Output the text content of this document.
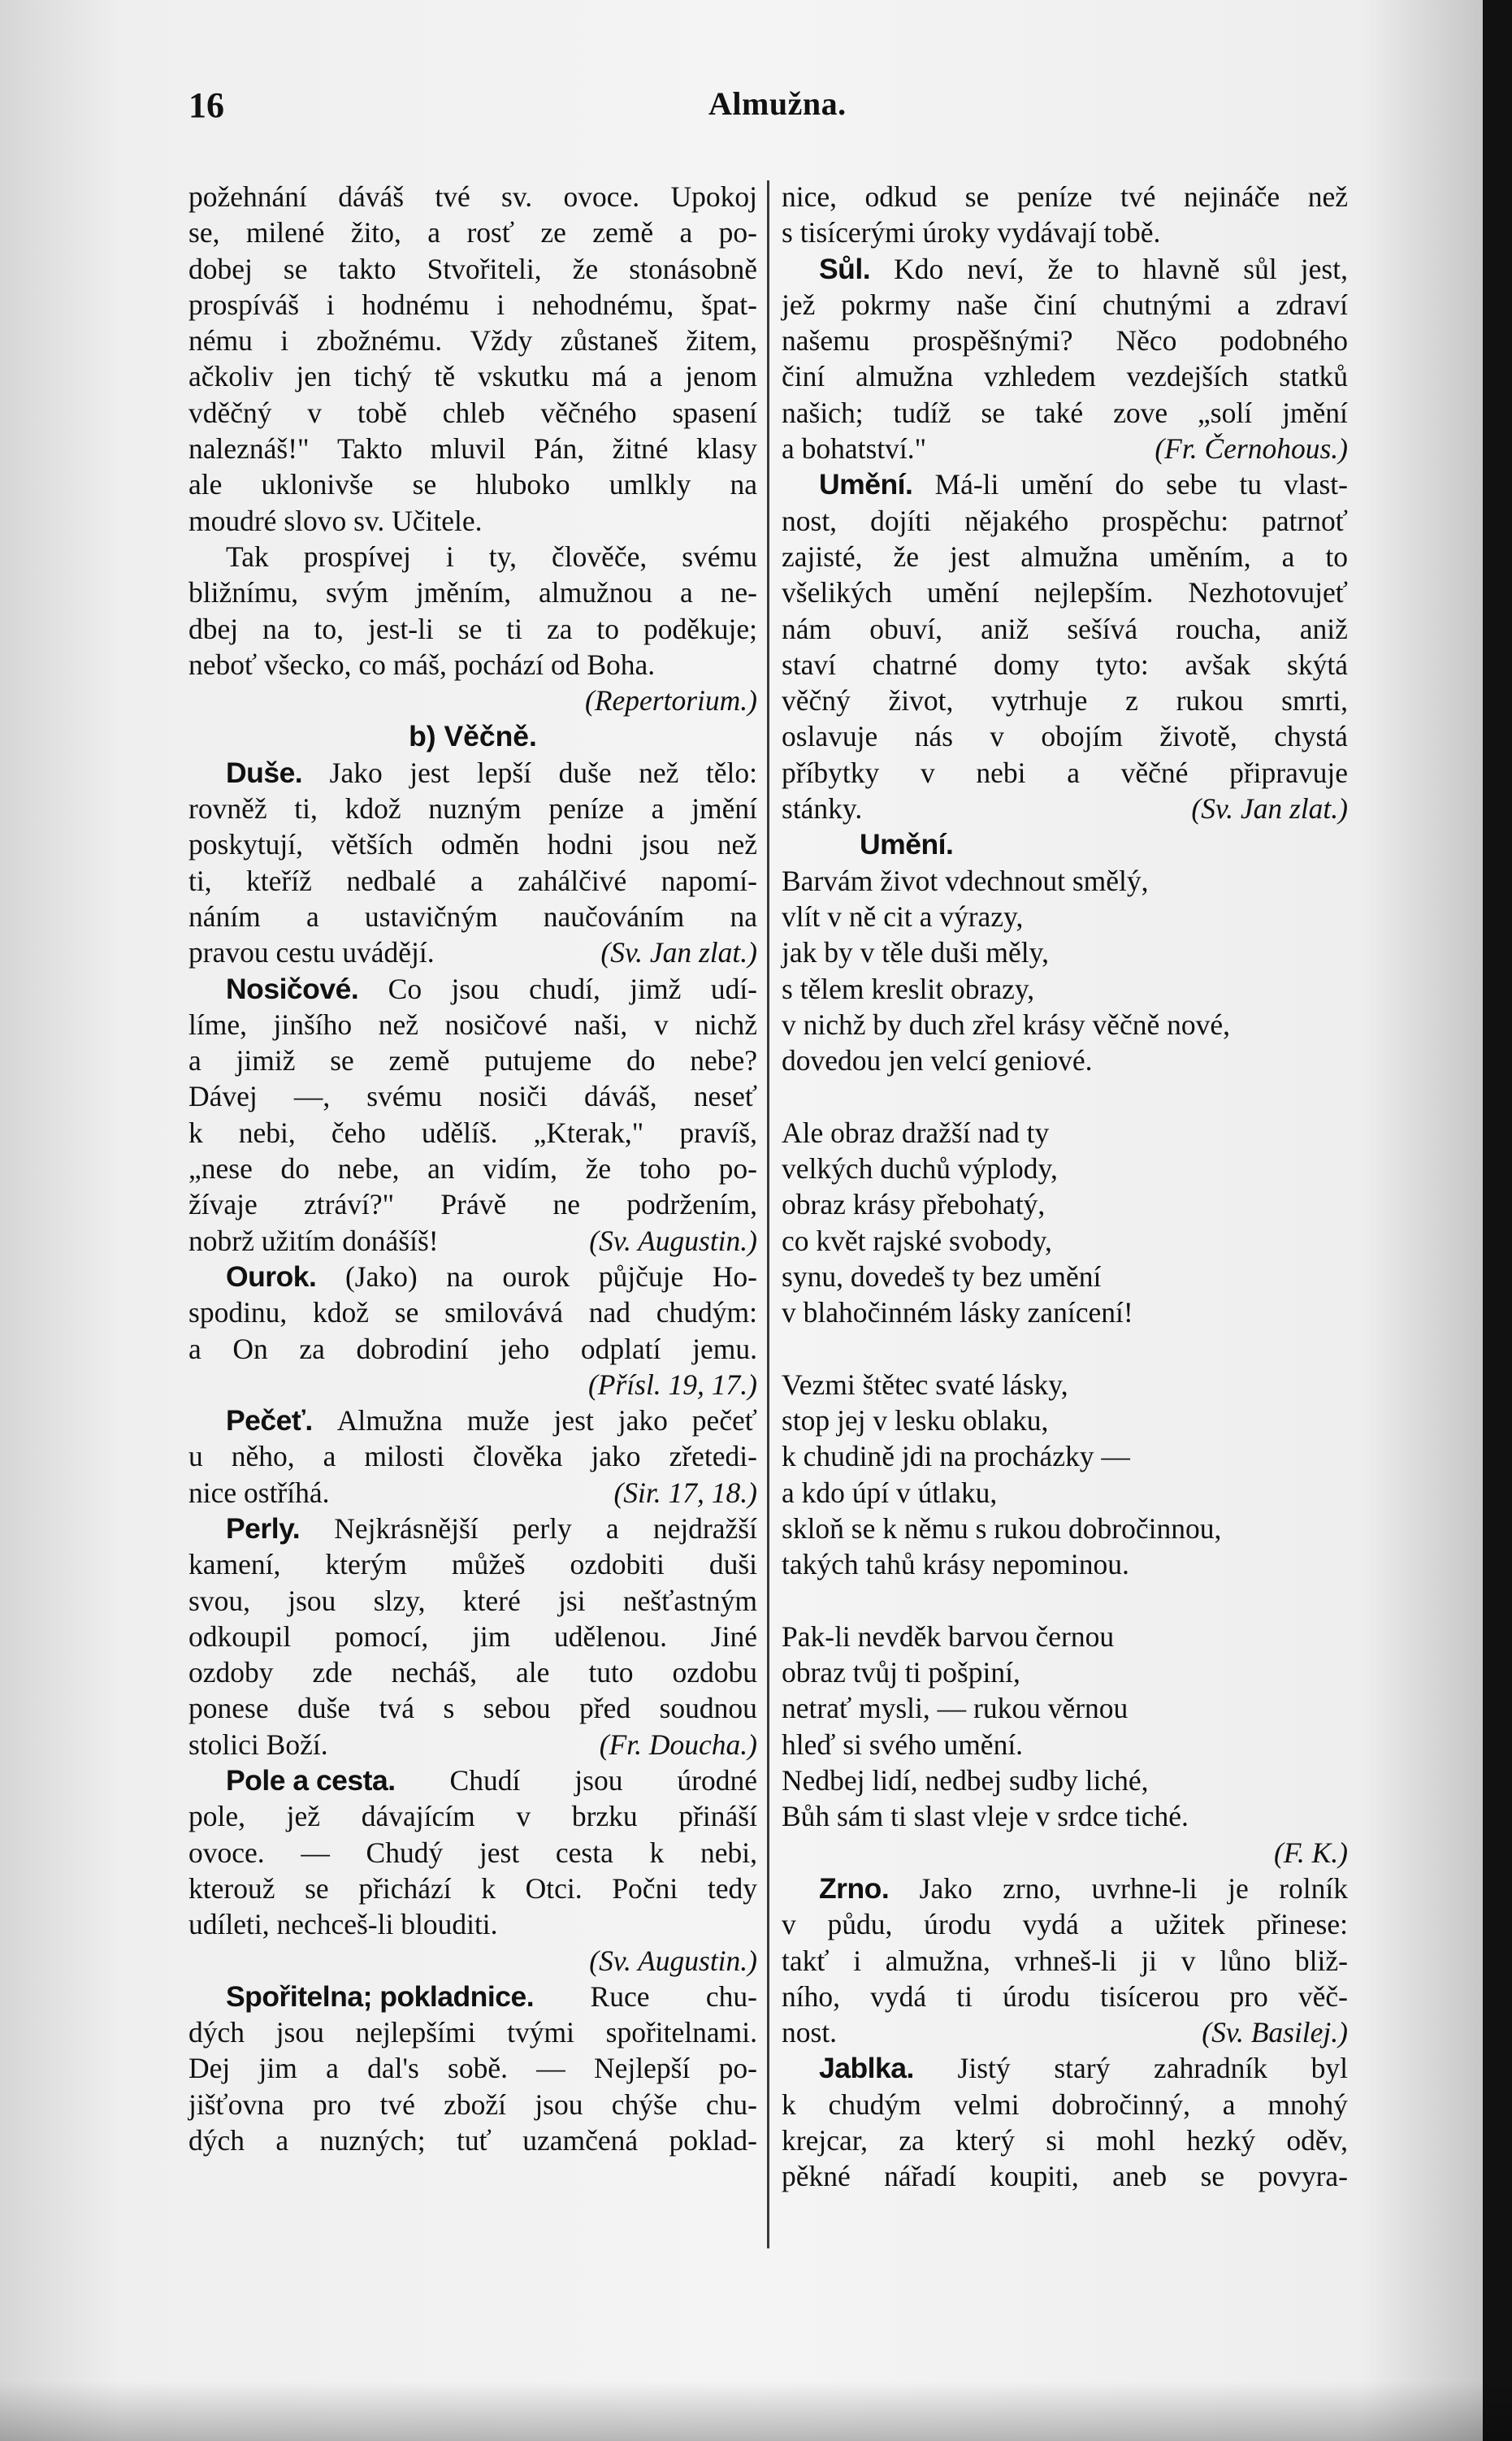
16	Almužna.
požehnání dáváš tvé sv. ovoce. Upokoj
se, milené žito, a rosť ze země a po-
dobej se takto Stvořiteli, že stonásobně
prospíváš i hodnému i nehodnému, špat-
nému i zbožnému. Vždy zůstaneš žitem,
ačkoliv jen tichý tě vskutku má a jenom
vděčný v tobě chleb věčného spasení
naleznáš!" Takto mluvil Pán, žitné klasy
ale uklonivše se hluboko umlkly na
moudré slovo sv. Učitele.
Tak prospívej i ty, člověče, svému
bližnímu, svým jměním, almužnou a ne-
dbej na to, jest-li se ti za to poděkuje;
neboť všecko, co máš, pochází od Boha.
(Repertorium.)
b) Věčně.
Duše. Jako jest lepší duše než tělo:
rovněž ti, kdož nuzným peníze a jmění
poskytují, větších odměn hodni jsou než
ti, kteříž nedbalé a zahálčivé napomí-
náním a ustavičným naučováním na
pravou cestu uvádějí.	(Sv. Jan zlat.)
Nosičové. Co jsou chudí, jimž udí-
líme, jinšího než nosičové naši, v nichž
a jimiž se země putujeme do nebe?
Dávej —, svému nosiči dáváš, neseť
k nebi, čeho udělíš. „Kterak," pravíš,
„nese do nebe, an vidím, že toho po-
žívaje ztráví?" Právě ne podržením,
nobrž užitím donášíš!	(Sv. Augustin.)
Ourok. (Jako) na ourok půjčuje Ho-
spodinu, kdož se smilovává nad chudým:
a On za dobrodiní jeho odplatí jemu.
(Přísl. 19, 17.)
Pečeť. Almužna muže jest jako pečeť
u něho, a milosti člověka jako zřetedi-
nice ostříhá.	(Sir. 17, 18.)
Perly. Nejkrásnější perly a nejdražší
kamení, kterým můžeš ozdobiti duši
svou, jsou slzy, které jsi nešťastným
odkoupil pomocí, jim udělenou. Jiné
ozdoby zde necháš, ale tuto ozdobu
ponese duše tvá s sebou před soudnou
stolici Boží.	(Fr. Doucha.)
Pole a cesta. Chudí jsou úrodné
pole, jež dávajícím v brzku přináší
ovoce. — Chudý jest cesta k nebi,
kterouž se přichází k Otci. Počni tedy
udíleti, nechceš-li blouditi.
(Sv. Augustin.)
Spořitelna; pokladnice. Ruce chu-
dých jsou nejlepšími tvými spořitelnami.
Dej jim a dal's sobě. — Nejlepší po-
jišťovna pro tvé zboží jsou chýše chu-
dých a nuzných; tuť uzamčená poklad-
nice, odkud se peníze tvé nejináče než
s tisícerými úroky vydávají tobě.
Sůl. Kdo neví, že to hlavně sůl jest,
jež pokrmy naše činí chutnými a zdraví
našemu prospěšnými? Něco podobného
činí almužna vzhledem vezdejších statků
našich; tudíž se také zove „solí jmění
a bohatství."	(Fr. Černohous.)
Umění. Má-li umění do sebe tu vlast-
nost, dojíti nějakého prospěchu: patrnoť
zajisté, že jest almužna uměním, a to
všelikých umění nejlepším. Nezhotovujeť
nám obuví, aniž sešívá roucha, aniž
staví chatrné domy tyto: avšak skýtá
věčný život, vytrhuje z rukou smrti,
oslavuje nás v obojím životě, chystá
příbytky v nebi a věčné připravuje
stánky.	(Sv. Jan zlat.)
Umění.
Barvám život vdechnout smělý,
vlít v ně cit a výrazy,
jak by v těle duši měly,
s tělem kreslit obrazy,
v nichž by duch zřel krásy věčně nové,
dovedou jen velcí geniové.
Ale obraz dražší nad ty
velkých duchů výplody,
obraz krásy přebohatý,
co květ rajské svobody,
synu, dovedeš ty bez umění
v blahočinném lásky zanícení!
Vezmi štětec svaté lásky,
stop jej v lesku oblaku,
k chudině jdi na procházky —
a kdo úpí v útlaku,
skloň se k němu s rukou dobročinnou,
takých tahů krásy nepominou.
Pak-li nevděk barvou černou
obraz tvůj ti pošpiní,
netrať mysli, — rukou věrnou
hleď si svého umění.
Nedbej lidí, nedbej sudby liché,
Bůh sám ti slast vleje v srdce tiché.
(F. K.)
Zrno. Jako zrno, uvrhne-li je rolník
v půdu, úrodu vydá a užitek přinese:
takť i almužna, vrhneš-li ji v lůno bliž-
ního, vydá ti úrodu tisícerou pro věč-
nost.	(Sv. Basilej.)
Jablka. Jistý starý zahradník byl
k chudým velmi dobročinný, a mnohý
krejcar, za který si mohl hezký oděv,
pěkné nářadí koupiti, aneb se povyra-
